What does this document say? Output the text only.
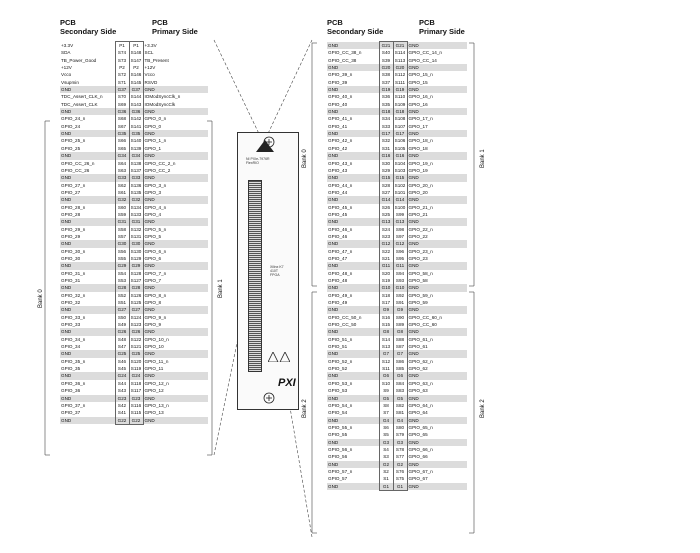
PCB
Secondary Side
PCB
Primary Side
PCB
Secondary Side
PCB
Primary Side
+3.3V	P1	P1	+3.3V
SDA	S74	S148	SCL
TB_Power_Good	S73	S147	TB_Present
+12V	P2	P2	+12V
Vccо	S72	S146	Vccо
Vsupmin	S71	S145	RSVD
GND	G37	G37	GND
TDC_Assert_CLK_n	S70	S144	IOModSyncClk_n
TDC_Assert_CLK	S69	S143	IOModSyncClk
GND	G36	G36	GND
GPIO_24_n	S68	S142	GPIO_0_n
GPIO_24	S67	S141	GPIO_0
GND	G35	G35	GND
GPIO_25_n	S66	S140	GPIO_1_n
GPIO_25	S65	S139	GPIO_1
GND	G34	G34	GND
GPIO_CC_26_n	S64	S138	GPIO_CC_2_n
GPIO_CC_26	S63	S137	GPIO_CC_2
GND	G33	G33	GND
GPIO_27_n	S62	S136	GPIO_3_n
GPIO_27	S61	S135	GPIO_3
GND	G32	G32	GND
GPIO_28_n	S60	S134	GPIO_4_n
GPIO_28	S59	S133	GPIO_4
GND	G31	G31	GND
GPIO_29_n	S58	S132	GPIO_5_n
GPIO_29	S57	S131	GPIO_5
GND	G30	G30	GND
GPIO_30_n	S56	S130	GPIO_6_n
GPIO_30	S55	S129	GPIO_6
GND	G29	G29	GND
GPIO_31_n	S54	S128	GPIO_7_n
GPIO_31	S53	S127	GPIO_7
GND	G28	G28	GND
GPIO_32_n	S52	S126	GPIO_8_n
GPIO_32	S51	S125	GPIO_8
GND	G27	G27	GND
GPIO_33_n	S50	S124	GPIO_9_n
GPIO_33	S49	S123	GPIO_9
GND	G26	G26	GND
GPIO_34_n	S48	S122	GPIO_10_n
GPIO_34	S47	S121	GPIO_10
GND	G25	G25	GND
GPIO_35_n	S46	S120	GPIO_11_n
GPIO_35	S45	S119	GPIO_11
GND	G24	G24	GND
GPIO_36_n	S44	S118	GPIO_12_n
GPIO_36	S43	S117	GPIO_12
GND	G23	G23	GND
GPIO_37_n	S42	S116	GPIO_13_n
GPIO_37	S41	S115	GPIO_13
GND	G22	G22	GND
GND	G21	G21	GND
GPIO_CC_38_n	S40	S114	GPIO_CC_14_n
GPIO_CC_38	S39	S113	GPIO_CC_14
GND	G20	G20	GND
GPIO_39_n	S38	S112	GPIO_15_n
GPIO_39	S37	S111	GPIO_15
GND	G19	G19	GND
GPIO_40_n	S36	S110	GPIO_16_n
GPIO_40	S35	S109	GPIO_16
GND	G18	G18	GND
GPIO_41_n	S34	S108	GPIO_17_n
GPIO_41	S33	S107	GPIO_17
GND	G17	G17	GND
GPIO_42_n	S32	S106	GPIO_18_n
GPIO_42	S31	S105	GPIO_18
GND	G16	G16	GND
GPIO_43_n	S30	S104	GPIO_19_n
GPIO_43	S29	S103	GPIO_19
GND	G15	G15	GND
GPIO_44_n	S28	S102	GPIO_20_n
GPIO_44	S27	S101	GPIO_20
GND	G14	G14	GND
GPIO_45_n	S26	S100	GPIO_21_n
GPIO_45	S25	S99	GPIO_21
GND	G13	G13	GND
GPIO_46_n	S24	S98	GPIO_22_n
GPIO_46	S23	S97	GPIO_22
GND	G12	G12	GND
GPIO_47_n	S22	S96	GPIO_23_n
GPIO_47	S21	S95	GPIO_23
GND	G11	G11	GND
GPIO_48_n	S20	S94	GPIO_58_n
GPIO_48	S19	S93	GPIO_58
GND	G10	G10	GND
GPIO_49_n	S18	S92	GPIO_59_n
GPIO_49	S17	S91	GPIO_59
GND	G9	G9	GND
GPIO_CC_50_n	S16	S90	GPIO_CC_60_n
GPIO_CC_50	S15	S89	GPIO_CC_60
GND	G8	G8	GND
GPIO_51_n	S14	S88	GPIO_61_n
GPIO_51	S13	S87	GPIO_61
GND	G7	G7	GND
GPIO_52_n	S12	S86	GPIO_62_n
GPIO_52	S11	S85	GPIO_62
GND	G6	G6	GND
GPIO_53_n	S10	S84	GPIO_63_n
GPIO_53	S9	S83	GPIO_63
GND	G5	G5	GND
GPIO_54_n	S8	S82	GPIO_64_n
GPIO_54	S7	S81	GPIO_64
GND	G4	G4	GND
GPIO_55_n	S6	S80	GPIO_65_n
GPIO_55	S5	S79	GPIO_65
GND	G3	G3	GND
GPIO_56_n	S4	S78	GPIO_66_n
GPIO_56	S3	S77	GPIO_66
GND	G2	G2	GND
GPIO_57_n	S2	S76	GPIO_67_n
GPIO_57	S1	S75	GPIO_67
GND	G1	G1	GND
Bank 0
Bank 1
Bank 0	Bank 1
Bank 2	Bank 2
NI PXIe-7976R
FlexRIO
Xilinx K7
410T
FPGA
PXI
